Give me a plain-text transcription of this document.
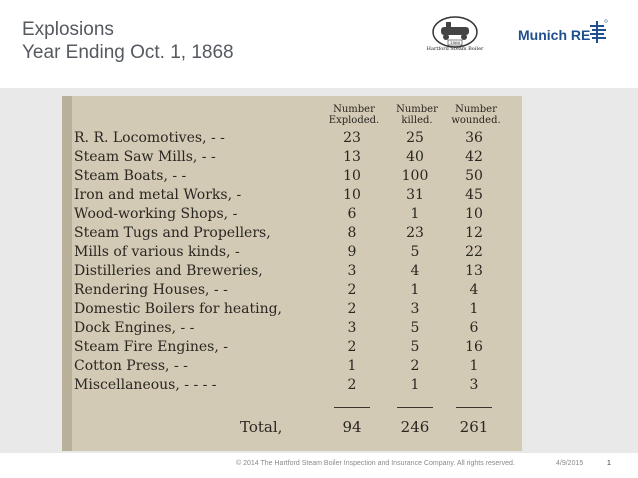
Explosions
Year Ending Oct. 1, 1868	1866
Hartford Steam Boiler
Munich RE
Number
Exploded.
Number
killed.
Number
wounded.
R. R. Locomotives, - -	23	25	36
Steam Saw Mills, - -	13	40	42
Steam Boats, - -	10	100	50
Iron and metal Works, -	10	31	45
Wood-working Shops, -	6	1	10
Steam Tugs and Propellers,	8	23	12
Mills of various kinds, -	9	5	22
Distilleries and Breweries,	3	4	13
Rendering Houses, - -	2	1	4
Domestic Boilers for heating,	2	3	1
Dock Engines, - -	3	5	6
Steam Fire Engines, -	2	5	16
Cotton Press, - -	1	2	1
Miscellaneous, - - - -	2	1	3
Total,	94	246	261
© 2014 The Hartford Steam Boiler Inspection and Insurance Company. All rights reserved.	4/9/2015	1
